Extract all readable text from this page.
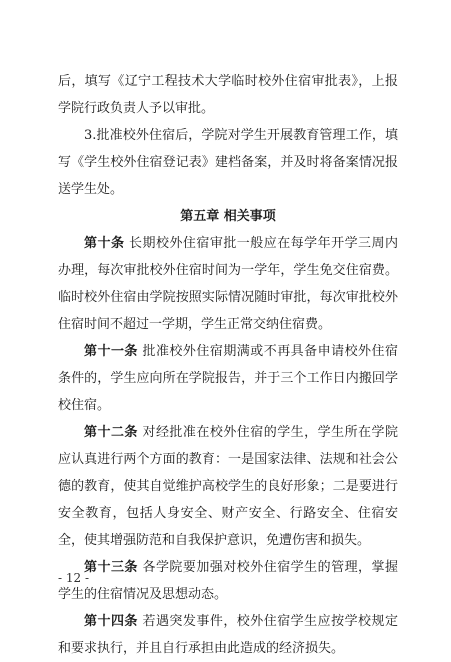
后，填写《辽宁工程技术大学临时校外住宿审批表》，上报学院行政负责人予以审批。

3.批准校外住宿后，学院对学生开展教育管理工作，填写《学生校外住宿登记表》建档备案，并及时将备案情况报送学生处。

第五章 相关事项

第十条 长期校外住宿审批一般应在每学年开学三周内办理，每次审批校外住宿时间为一学年，学生免交住宿费。临时校外住宿由学院按照实际情况随时审批，每次审批校外住宿时间不超过一学期，学生正常交纳住宿费。

第十一条 批准校外住宿期满或不再具备申请校外住宿条件的，学生应向所在学院报告，并于三个工作日内搬回学校住宿。

第十二条 对经批准在校外住宿的学生，学生所在学院应认真进行两个方面的教育：一是国家法律、法规和社会公德的教育，使其自觉维护高校学生的良好形象；二是要进行安全教育，包括人身安全、财产安全、行路安全、住宿安全，使其增强防范和自我保护意识，免遭伤害和损失。

第十三条 各学院要加强对校外住宿学生的管理，掌握学生的住宿情况及思想动态。

第十四条 若遇突发事件，校外住宿学生应按学校规定和要求执行，并且自行承担由此造成的经济损失。

- 12 -
